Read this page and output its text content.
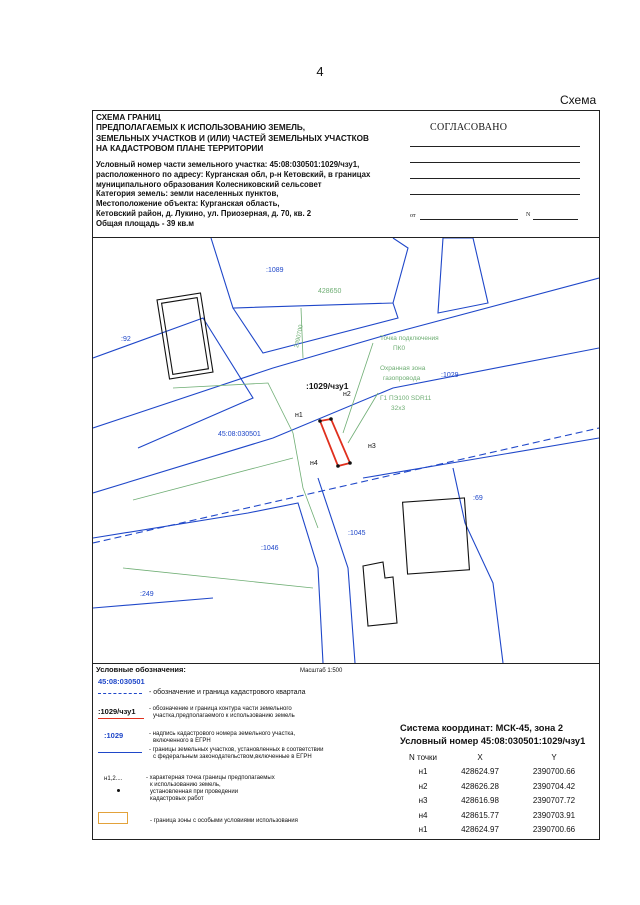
4
Схема
СХЕМА ГРАНИЦ
ПРЕДПОЛАГАЕМЫХ К ИСПОЛЬЗОВАНИЮ ЗЕМЕЛЬ,
ЗЕМЕЛЬНЫХ УЧАСТКОВ И (ИЛИ) ЧАСТЕЙ ЗЕМЕЛЬНЫХ УЧАСТКОВ
НА КАДАСТРОВОМ ПЛАНЕ ТЕРРИТОРИИ
Условный номер части земельного участка: 45:08:030501:1029/чзу1,
расположенного по адресу: Курганская обл, р-н Кетовский, в границах
муниципального образования Колесниковский сельсовет
Категория земель: земли населенных пунктов,
Местоположение объекта: Курганская область,
Кетовский район, д. Лукино, ул. Приозерная, д. 70, кв. 2
Общая площадь - 39 кв.м
СОГЛАСОВАНО
от	N
:1089
:92
:1029
:69
:1045
:1046
:249
45:08:030501
:1029/чзу1
н1
н2
н3
н4
428650
2390700	Точка подключения
ПК0
Охранная зона
газопровода
Г1 ПЭ100 SDR11
32х3
Условные обозначения:	Масштаб 1:500
45:08:030501
- обозначение и граница кадастрового квартала
:1029/чзу1 - обозначение и граница контура части земельного
участка,предполагаемого к использованию земель
:1029	- надпись кадастрового номера земельного участка,
включенного в ЕГРН
- границы земельных участков, установленных в соответствии
с федеральным законодательством,включенные в ЕГРН
н1,2....	- характерная точка границы предполагаемых
к использованию земель,
установленная при проведении
кадастровых работ
- граница зоны с особыми условиями использования
Система координат: МСК-45, зона 2
Условный номер 45:08:030501:1029/чзу1
N точки	X	Y
н1	428624.97	2390700.66
н2	428626.28	2390704.42
н3	428616.98	2390707.72
н4	428615.77	2390703.91
н1	428624.97	2390700.66
